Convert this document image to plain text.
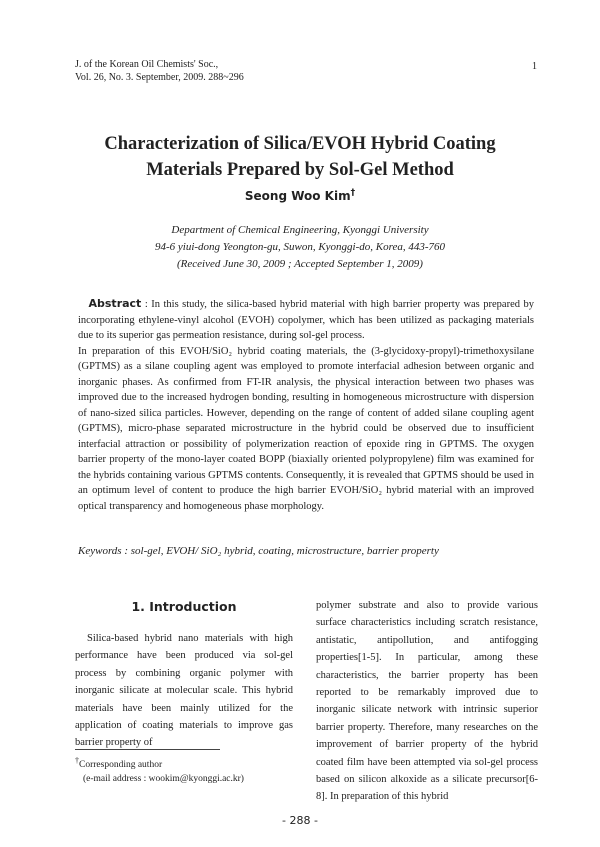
J. of the Korean Oil Chemists' Soc.,
Vol. 26, No. 3. September, 2009. 288~296
1
Characterization of Silica/EVOH Hybrid Coating
Materials Prepared by Sol-Gel Method
Seong Woo Kim†
Department of Chemical Engineering, Kyonggi University
94-6 yiui-dong Yeongton-gu, Suwon, Kyonggi-do, Korea, 443-760
(Received June 30, 2009 ; Accepted September 1, 2009)

Abstract : In this study, the silica-based hybrid material with high barrier property was prepared by incorporating ethylene-vinyl alcohol (EVOH) copolymer, which has been utilized as packaging materials due to its superior gas permeation resistance, during sol-gel process.

In preparation of this EVOH/SiO₂ hybrid coating materials, the (3-glycidoxy-propyl)-trimethoxysilane (GPTMS) as a silane coupling agent was employed to promote interfacial adhesion between organic and inorganic phases. As confirmed from FT-IR analysis, the physical interaction between two phases was improved due to the increased hydrogen bonding, resulting in homogeneous microstructure with dispersion of nano-sized silica particles. However, depending on the range of content of added silane coupling agent (GPTMS), micro-phase separated microstructure in the hybrid could be observed due to insufficient interfacial attraction or possibility of polymerization reaction of epoxide ring in GPTMS. The oxygen barrier property of the mono-layer coated BOPP (biaxially oriented polypropylene) film was examined for the hybrids containing various GPTMS contents. Consequently, it is revealed that GPTMS should be used in an optimum level of content to produce the high barrier EVOH/SiO₂ hybrid material with an improved optical transparency and homogeneous phase morphology.

Keywords : sol-gel, EVOH/ SiO₂ hybrid, coating, microstructure, barrier property
1. Introduction

Silica-based hybrid nano materials with high performance have been produced via sol-gel process by combining organic polymer with inorganic silicate at molecular scale. This hybrid materials have been mainly utilized for the application of coating materials to improve gas barrier property of

polymer substrate and also to provide various surface characteristics including scratch resistance, antistatic, antipollution, and antifogging properties[1-5]. In particular, among these characteristics, the barrier property has been reported to be remarkably improved due to inorganic silicate network with intrinsic superior barrier property. Therefore, many researches on the improvement of barrier property of the hybrid coated film have been attempted via sol-gel process based on silicon alkoxide as a silicate precursor[6-8]. In preparation of this hybrid

†Corresponding author
(e-mail address : wookim@kyonggi.ac.kr)
- 288 -
